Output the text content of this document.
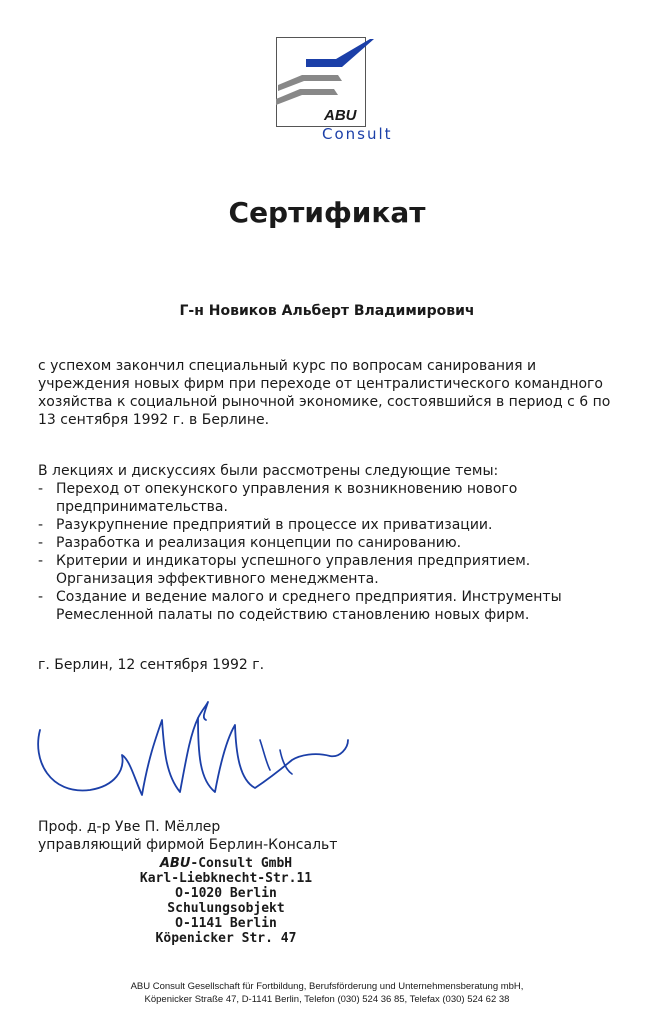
ABU
Consult
Сертификат
Г-н Новиков Альберт Владимирович
с успехом закончил специальный курс по вопросам санирования и учреждения новых фирм при переходе от централистического командного хозяйства к социальной рыночной экономике, состоявшийся в период с 6 по 13 сентября 1992 г. в Берлине.
В лекциях и дискуссиях были рассмотрены следующие темы:
- Переход от опекунского управления к возникновению нового предпринимательства.
- Разукрупнение предприятий в процессе их приватизации.
- Разработка и реализация концепции по санированию.
- Критерии и индикаторы успешного управления предприятием. Организация эффективного менеджмента.
- Создание и ведение малого и среднего предприятия. Инструменты Ремесленной палаты по содействию становлению новых фирм.
г. Берлин, 12 сентября 1992 г.
Проф. д-р Уве П. Мёллер
управляющий фирмой Берлин-Консальт
ABU-Consult GmbH
Karl-Liebknecht-Str.11
O-1020 Berlin
Schulungsobjekt
O-1141 Berlin
Köpenicker Str. 47
ABU Consult Gesellschaft für Fortbildung, Berufsförderung und Unternehmensberatung mbH,
Köpenicker Straße 47, D-1141 Berlin, Telefon (030) 524 36 85, Telefax (030) 524 62 38
